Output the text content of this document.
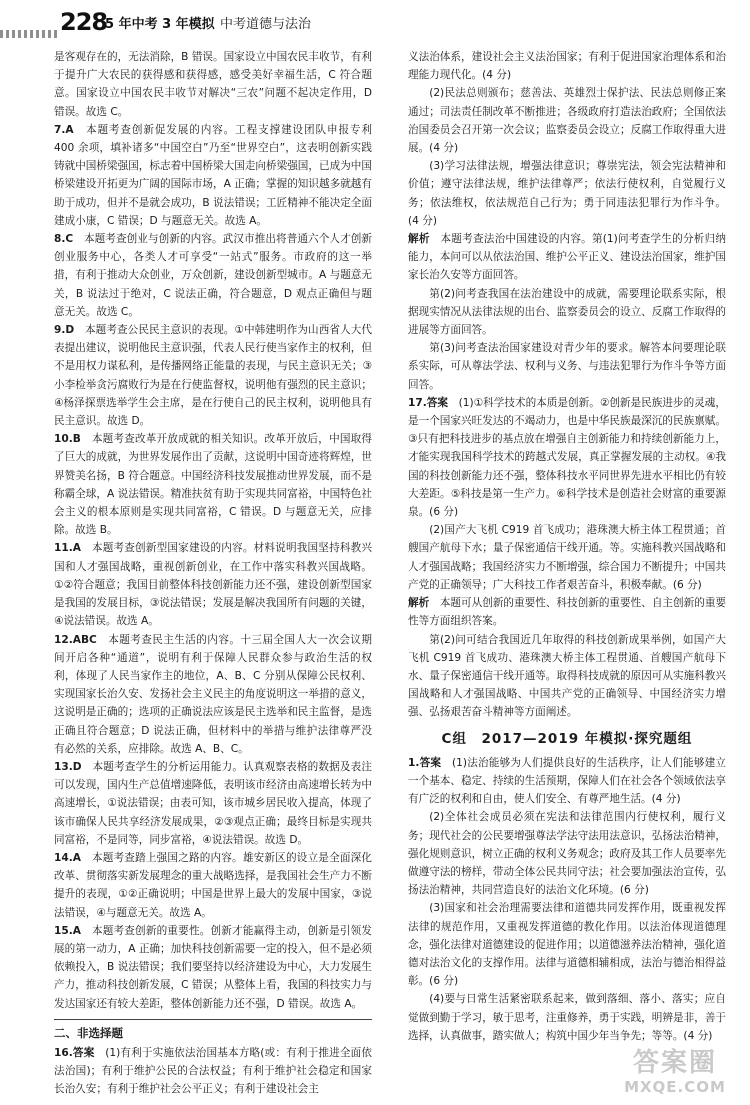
228
5 年中考 3 年模拟 中考道德与法治

是客观存在的，无法消除，B 错误。国家设立中国农民丰收节，有利于提升广大农民的获得感和获得感，感受美好幸福生活，C 符合题意。国家设立中国农民丰收节对解决“三农”问题不起决定作用，D 错误。故选 C。

7.A　 本题考查创新促发展的内容。工程支撑建设团队申报专利 400 余项，填补诸多“中国空白”乃至“世界空白”，这表明创新实践铸就中国桥梁强国，标志着中国桥梁大国走向桥梁强国，已成为中国桥梁建设开拓更为广阔的国际市场，A 正确；掌握的知识越多就越有助于成功，但并不是就会成功，B 说法错误；工匠精神不能决定全面建成小康，C 错误；D 与题意无关。故选 A。

8.C　 本题考查创业与创新的内容。武汉市推出将普通六个人才创新创业服务中心，各类人才可享受“一站式”服务。市政府的这一举措，有利于推动大众创业，万众创新，建设创新型城市。A 与题意无关，B 说法过于绝对，C 说法正确，符合题意，D 观点正确但与题意无关。故选 C。

9.D　 本题考查公民民主意识的表现。①中韩建明作为山西省人大代表提出建议，说明他民主意识强，代表人民行使当家作主的权利，但不是用权力谋私利，是传播网络正能量的表现，与民主意识无关；③小李检举贪污腐败行为是在行使监督权，说明他有强烈的民主意识；④杨泽探票选举学生会主席，是在行使自己的民主权利，说明他具有民主意识。故选 D。

10.B　 本题考查改革开放成就的相关知识。改革开放后，中国取得了巨大的成就，为世界发展作出了贡献，这说明中国奇迹将辉煌，世界赞美名扬，B 符合题意。中国经济科技发展推动世界发展，而不是称霸全球，A 说法错误。精准扶贫有助于实现共同富裕，中国特色社会主义的根本原则是实现共同富裕，C 错误。D 与题意无关，应排除。故选 B。

11.A　 本题考查创新型国家建设的内容。材料说明我国坚持科教兴国和人才强国战略，重视创新创业，在工作中落实科教兴国战略。①②符合题意；我国目前整体科技创新能力还不强，建设创新型国家是我国的发展目标，③说法错误；发展是解决我国所有问题的关键，④说法错误。故选 A。

12.ABC　 本题考查民主生活的内容。十三届全国人大一次会议期间开启各种“通道”，说明有利于保障人民群众参与政治生活的权利，体现了人民当家作主的地位，A、B、C 分别从保障公民权利、实现国家长治久安、发扬社会主义民主的角度说明这一举措的意义，这说明是正确的；选项的正确说法应该是民主选举和民主监督，是选正确且符合题意；D 说法正确，但材料中的举措与维护法律尊严没有必然的关系，应排除。故选 A、B、C。

13.D　 本题考查学生的分析运用能力。认真观察表格的数据及表注可以发现，国内生产总值增速降低，表明该市经济由高速增长转为中高速增长，①说法错误；由表可知，该市城乡居民收入提高，体现了该市确保人民共享经济发展成果，②③观点正确；最终目标是实现共同富裕，不是同等，同步富裕，④说法错误。故选 D。

14.A　 本题考查踏上强国之路的内容。雄安新区的设立是全面深化改革、贯彻落实新发展理念的重大战略选择，是我国社会生产力不断提升的表现，①②正确说明；中国是世界上最大的发展中国家，③说法错误，④与题意无关。故选 A。

15.A　 本题考查创新的重要性。创新才能赢得主动，创新是引领发展的第一动力，A 正确；加快科技创新需要一定的投入，但不是必须依赖投入，B 说法错误；我们要坚持以经济建设为中心，大力发展生产力，推动科技创新发展，C 错误；从整体上看，我国的科技实力与发达国家还有较大差距，整体创新能力还不强，D 错误。故选 A。

二、非选择题

16.答案　 (1)有利于实施依法治国基本方略(或：有利于推进全面依法治国)；有利于维护公民的合法权益；有利于维护社会稳定和国家长治久安；有利于维护社会公平正义；有利于建设社会主

义法治体系，建设社会主义法治国家；有利于促进国家治理体系和治理能力现代化。(4 分)

(2)民法总则颁布；慈善法、英雄烈士保护法、民法总则修正案通过；司法责任制改革不断推进；各级政府打造法治政府；全国依法治国委员会召开第一次会议；监察委员会设立；反腐工作取得重大进展。(4 分)

(3)学习法律法规，增强法律意识；尊崇宪法，领会宪法精神和价值；遵守法律法规，维护法律尊严；依法行使权利，自觉履行义务；依法维权，依法规范自己行为；勇于同违法犯罪行为作斗争。(4 分)

解析　 本题考查法治中国建设的内容。第(1)问考查学生的分析归纳能力，本问可以从依法治国、维护公平正义、建设法治国家，维护国家长治久安等方面回答。

第(2)问考查我国在法治建设中的成就，需要理论联系实际，根据现实情况从法律法规的出台、监察委员会的设立、反腐工作取得的进展等方面回答。

第(3)问考查法治国家建设对青少年的要求。解答本问要理论联系实际，可从尊法学法、权利与义务、与违法犯罪行为作斗争等方面回答。

17.答案　 (1)①科学技术的本质是创新。②创新是民族进步的灵魂，是一个国家兴旺发达的不竭动力，也是中华民族最深沉的民族禀赋。③只有把科技进步的基点放在增强自主创新能力和持续创新能力上，才能实现我国科学技术的跨越式发展，真正掌握发展的主动权。④我国的科技创新能力还不强，整体科技水平同世界先进水平相比仍有较大差距。⑤科技是第一生产力。⑥科学技术是创造社会财富的重要源泉。(6 分)

(2)国产大飞机 C919 首飞成功；港珠澳大桥主体工程贯通；首艘国产航母下水；量子保密通信干线开通。等。实施科教兴国战略和人才强国战略；我国经济实力不断增强，综合国力不断提升；中国共产党的正确领导；广大科技工作者艰苦奋斗，积极奉献。(6 分)

解析　 本题可从创新的重要性、科技创新的重要性、自主创新的重要性等方面组织答案。

第(2)问可结合我国近几年取得的科技创新成果举例，如国产大飞机 C919 首飞成功、港珠澳大桥主体工程贯通、首艘国产航母下水、量子保密通信干线开通等。取得科技成就的原因可从实施科教兴国战略和人才强国战略、中国共产党的正确领导、中国经济实力增强、弘扬艰苦奋斗精神等方面阐述。

C组　2017—2019 年模拟·探究题组

1.答案　 (1)法治能够为人们提供良好的生活秩序，让人们能够建立一个基本、稳定、持续的生活预期，保障人们在社会各个领域依法享有广泛的权利和自由，使人们安全、有尊严地生活。(4 分)

(2)全体社会成员必须在宪法和法律范围内行使权利，履行义务；现代社会的公民要增强尊法学法守法用法意识，弘扬法治精神，强化规则意识，树立正确的权利义务观念；政府及其工作人员要率先做遵守法的榜样，带动全体公民共同守法；社会要加强法治宣传，弘扬法治精神，共同营造良好的法治文化环境。(6 分)

(3)国家和社会治理需要法律和道德共同发挥作用，既重视发挥法律的规范作用，又重视发挥道德的教化作用。以法治体现道德理念，强化法律对道德建设的促进作用；以道德滋养法治精神，强化道德对法治文化的支撑作用。法律与道德相辅相成，法治与德治相得益彰。(6 分)

(4)要与日常生活紧密联系起来，做到落细、落小、落实；应自觉做到勤于学习，敏于思考，注重修养，勇于实践，明辨是非，善于选择，认真做事，踏实做人；构筑中国少年当争先；等等。(4 分)

答案圈
MXQE.COM
